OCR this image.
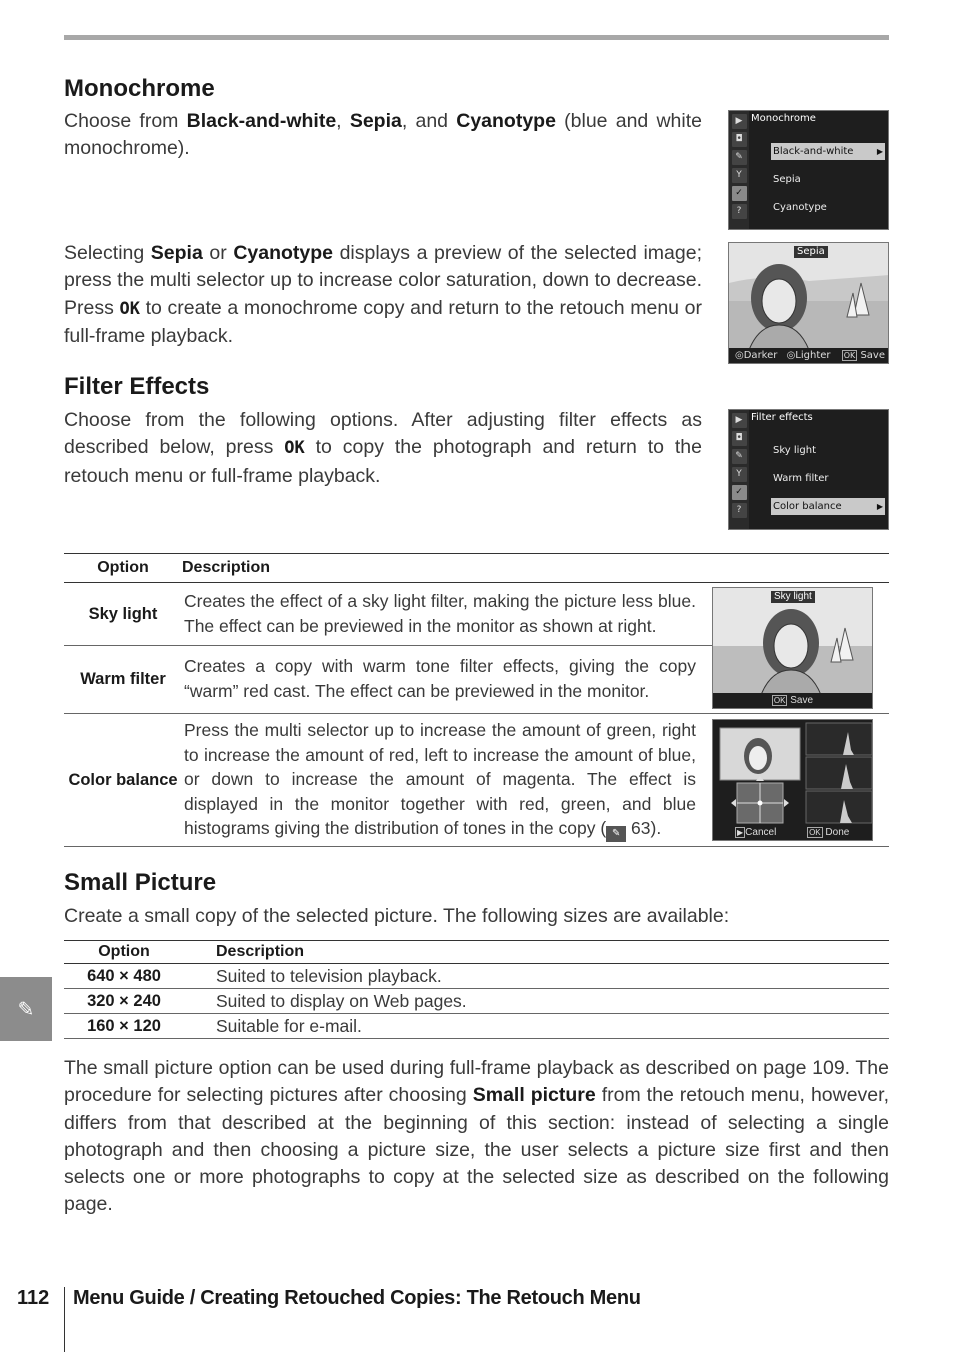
Monochrome
Choose from Black-and-white, Sepia, and Cyanotype (blue and white monochrome).
Selecting Sepia or Cyanotype displays a preview of the selected image; press the multi selector up to increase color saturation, down to decrease. Press OK to create a monochrome copy and return to the retouch menu or full-frame playback.
▶
◘
✎
Y
✓
?
Monochrome
Black-and-white	▶
Sepia
Cyanotype
Sepia
◎Darker ◎Lighter OK Save
Filter Effects
Choose from the following options. After adjusting filter effects as described below, press OK to copy the photograph and return to the retouch menu or full-frame playback.
▶
◘
✎
Y
✓
?
Filter effects
Sky light
Warm filter
Color balance	▶
Option	Description	
Sky light	Creates the effect of a sky light filter, making the picture less blue. The effect can be previewed in the monitor as shown at right.	Sky light
OK Save

Warm filter	Creates a copy with warm tone filter effects, giving the copy “warm” red cast. The effect can be previewed in the monitor.	
Color balance	Press the multi selector up to increase the amount of green, right to increase the amount of red, left to increase the amount of blue, or down to increase the amount of magenta. The effect is displayed in the monitor together with red, green, and blue histograms giving the distribution of tones in the copy ( ✎ 63).	▶ Cancel OK Done
Small Picture
Create a small copy of the selected picture. The following sizes are available:
Option	Description
640 × 480	Suited to television playback.
320 × 240	Suited to display on Web pages.
160 × 120	Suitable for e-mail.
The small picture option can be used during full-frame playback as described on page 109. The procedure for selecting pictures after choosing Small picture from the retouch menu, however, differs from that described at the beginning of this section: instead of selecting a single photograph and then choosing a picture size, the user selects a picture size first and then selects one or more photographs to copy at the selected size as described on the following page.
✎
112 Menu Guide / Creating Retouched Copies: The Retouch Menu
